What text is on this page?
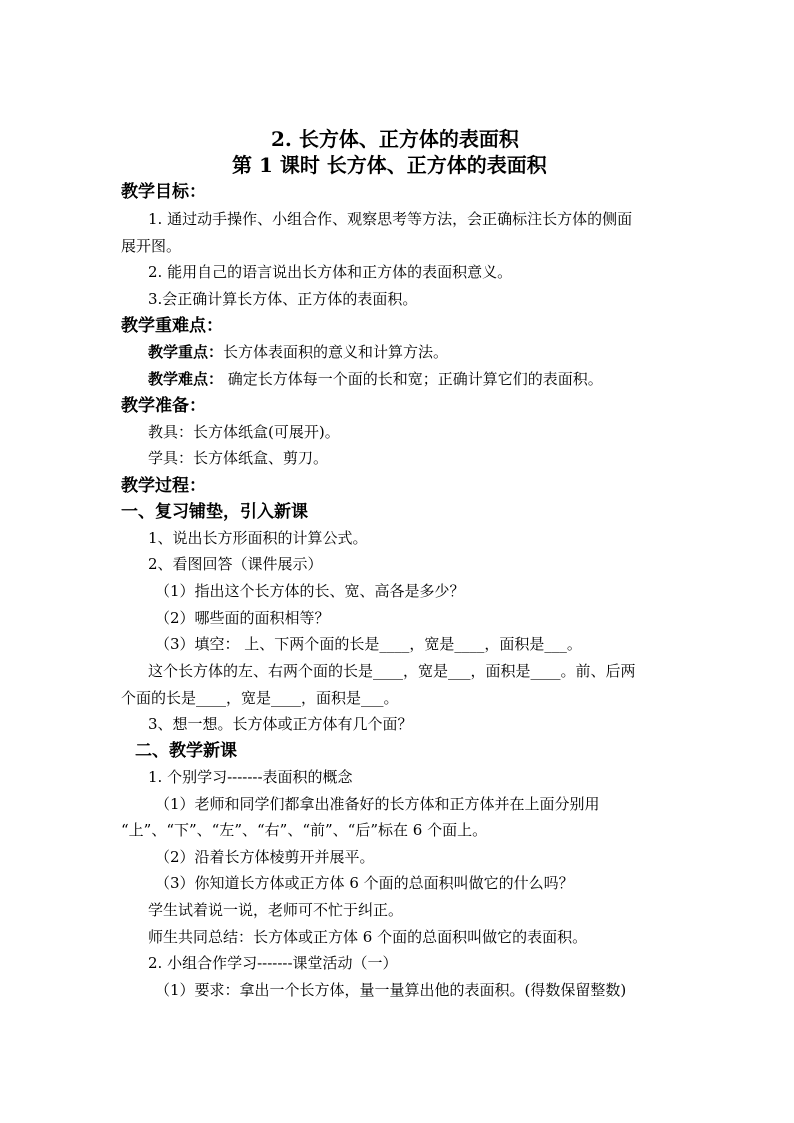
2. 长方体、正方体的表面积
第 1 课时 长方体、正方体的表面积
教学目标：
1. 通过动手操作、小组合作、观察思考等方法，会正确标注长方体的侧面
展开图。
2. 能用自己的语言说出长方体和正方体的表面积意义。
3.会正确计算长方体、正方体的表面积。
教学重难点：
教学重点：长方体表面积的意义和计算方法。
教学难点： 确定长方体每一个面的长和宽；正确计算它们的表面积。
教学准备：
教具：长方体纸盒(可展开)。
学具：长方体纸盒、剪刀。
教学过程：
一、复习铺垫，引入新课
1、说出长方形面积的计算公式。
2、看图回答（课件展示）
（1）指出这个长方体的长、宽、高各是多少？
（2）哪些面的面积相等？
（3）填空： 上、下两个面的长是____，宽是____，面积是___。
这个长方体的左、右两个面的长是____，宽是___，面积是____。前、后两
个面的长是____，宽是____，面积是___。
3、想一想。长方体或正方体有几个面？
二、教学新课
1. 个别学习-------表面积的概念
（1）老师和同学们都拿出准备好的长方体和正方体并在上面分别用
“上”、“下”、“左”、“右”、“前”、“后”标在 6 个面上。
（2）沿着长方体棱剪开并展平。
（3）你知道长方体或正方体 6 个面的总面积叫做它的什么吗？
学生试着说一说，老师可不忙于纠正。
师生共同总结：长方体或正方体 6 个面的总面积叫做它的表面积。
2. 小组合作学习-------课堂活动（一）
（1）要求：拿出一个长方体，量一量算出他的表面积。(得数保留整数)
